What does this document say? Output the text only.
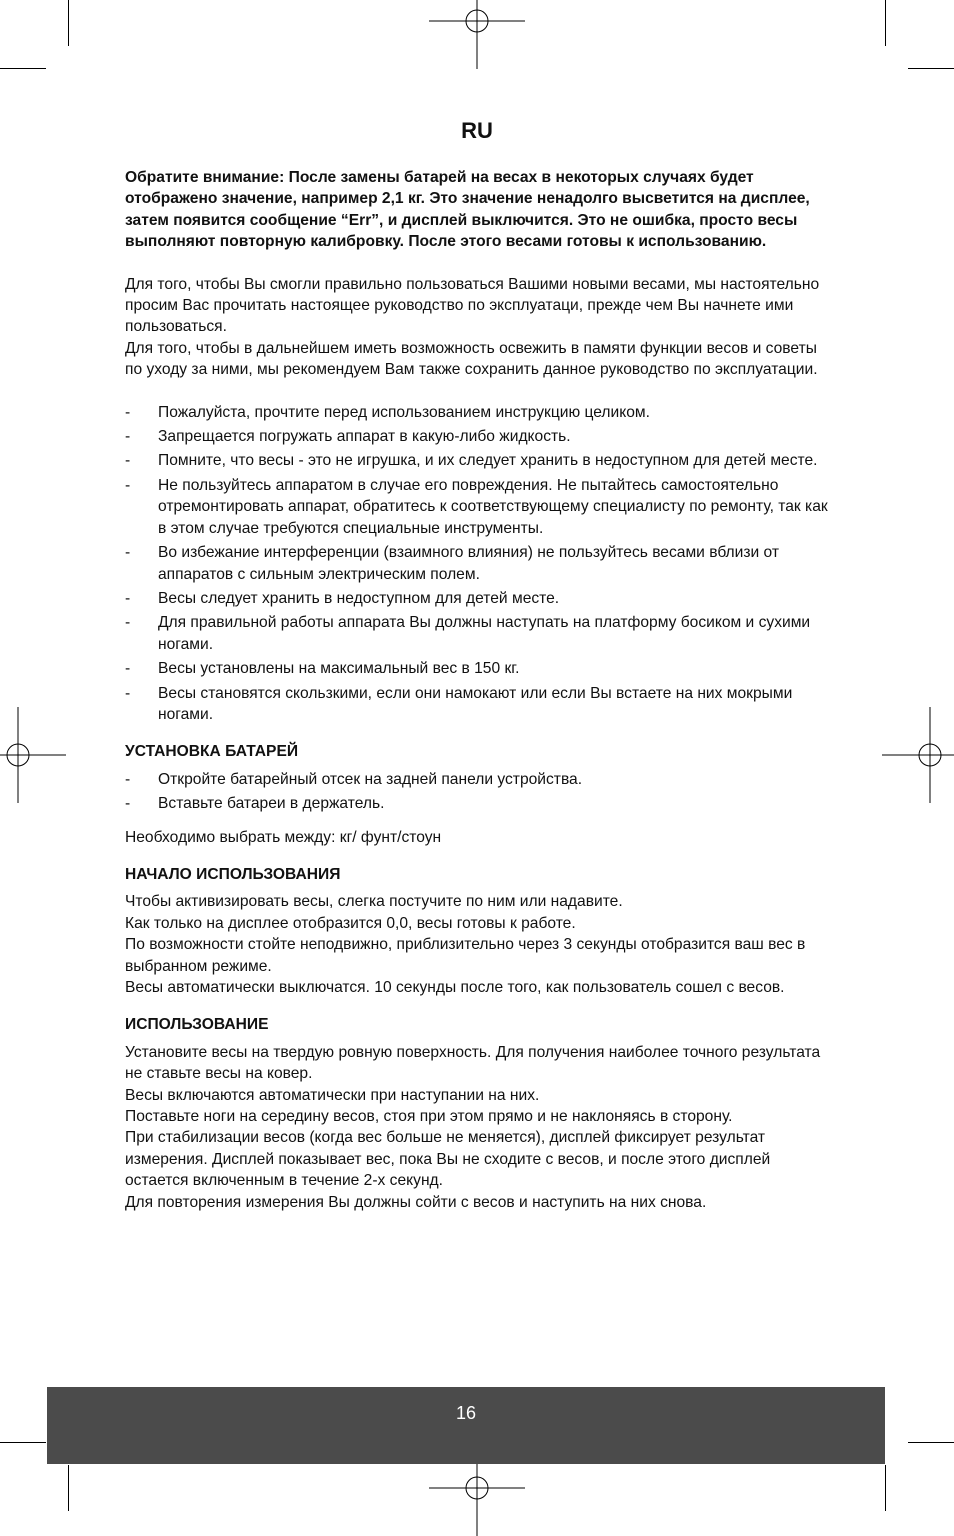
RU

Обратите внимание: После замены батарей на весах в некоторых случаях будет отображено значение, например 2,1 кг. Это значение ненадолго высветится на дисплее, затем появится сообщение “Err”, и дисплей выключится. Это не ошибка, просто весы выполняют повторную калибровку. После этого весами готовы к использованию.

Для того, чтобы Вы смогли правильно пользоваться Вашими новыми весами, мы настоятельно просим Вас прочитать настоящее руководство по эксплуатаци, прежде чем Вы начнете ими пользоваться.

Для того, чтобы в дальнейшем иметь возможность освежить в памяти функции весов и советы по уходу за ними, мы рекомендуем Вам также сохранить данное руководство по эксплуатации.

- Пожалуйста, прочтите перед использованием инструкцию целиком.
- Запрещается погружать аппарат в какую-либо жидкость.
- Помните, что весы - это не игрушка, и их следует хранить в недоступном для детей месте.
- Не пользуйтесь аппаратом в случае его повреждения. Не пытайтесь самостоятельно отремонтировать аппарат, обратитесь к соответствующему специалисту по ремонту, так как в этом случае требуются специальные инструменты.
- Во избежание интерференции (взаимного влияния) не пользуйтесь весами вблизи от аппаратов с сильным электрическим полем.
- Весы следует хранить в недоступном для детей месте.
- Для правильной работы аппарата Вы должны наступать на платформу босиком и сухими ногами.
- Весы установлены на максимальный вес в 150 кг.
- Весы становятся скользкими, если они намокают или если Вы встаете на них мокрыми ногами.
УСТАНОВКА БАТАРЕЙ
- Откройте батарейный отсек на задней панели устройства.
- Вставьте батареи в держатель.

Необходимо выбрать между: кг/ фунт/стоун

НАЧАЛО ИСПОЛЬЗОВАНИЯ

Чтобы активизировать весы, слегка постучите по ним или надавите.

Как только на дисплее отобразится 0,0, весы готовы к работе.

По возможности стойте неподвижно, приблизительно через 3 секунды отобразится ваш вес в выбранном режиме.

Весы автоматически выключатся. 10 секунды после того, как пользователь сошел с весов.

ИСПОЛЬЗОВАНИЕ

Установите весы на твердую ровную поверхность. Для получения наиболее точного результата не ставьте весы на ковер.

Весы включаются автоматически при наступании на них.

Поставьте ноги на середину весов, стоя при этом прямо и не наклоняясь в сторону.

При стабилизации весов (когда вес больше не меняется), дисплей фиксирует результат измерения. Дисплей показывает вес, пока Вы не сходите с весов, и после этого дисплей остается включенным в течение 2-х секунд.

Для повторения измерения Вы должны сойти с весов и наступить на них снова.

16
